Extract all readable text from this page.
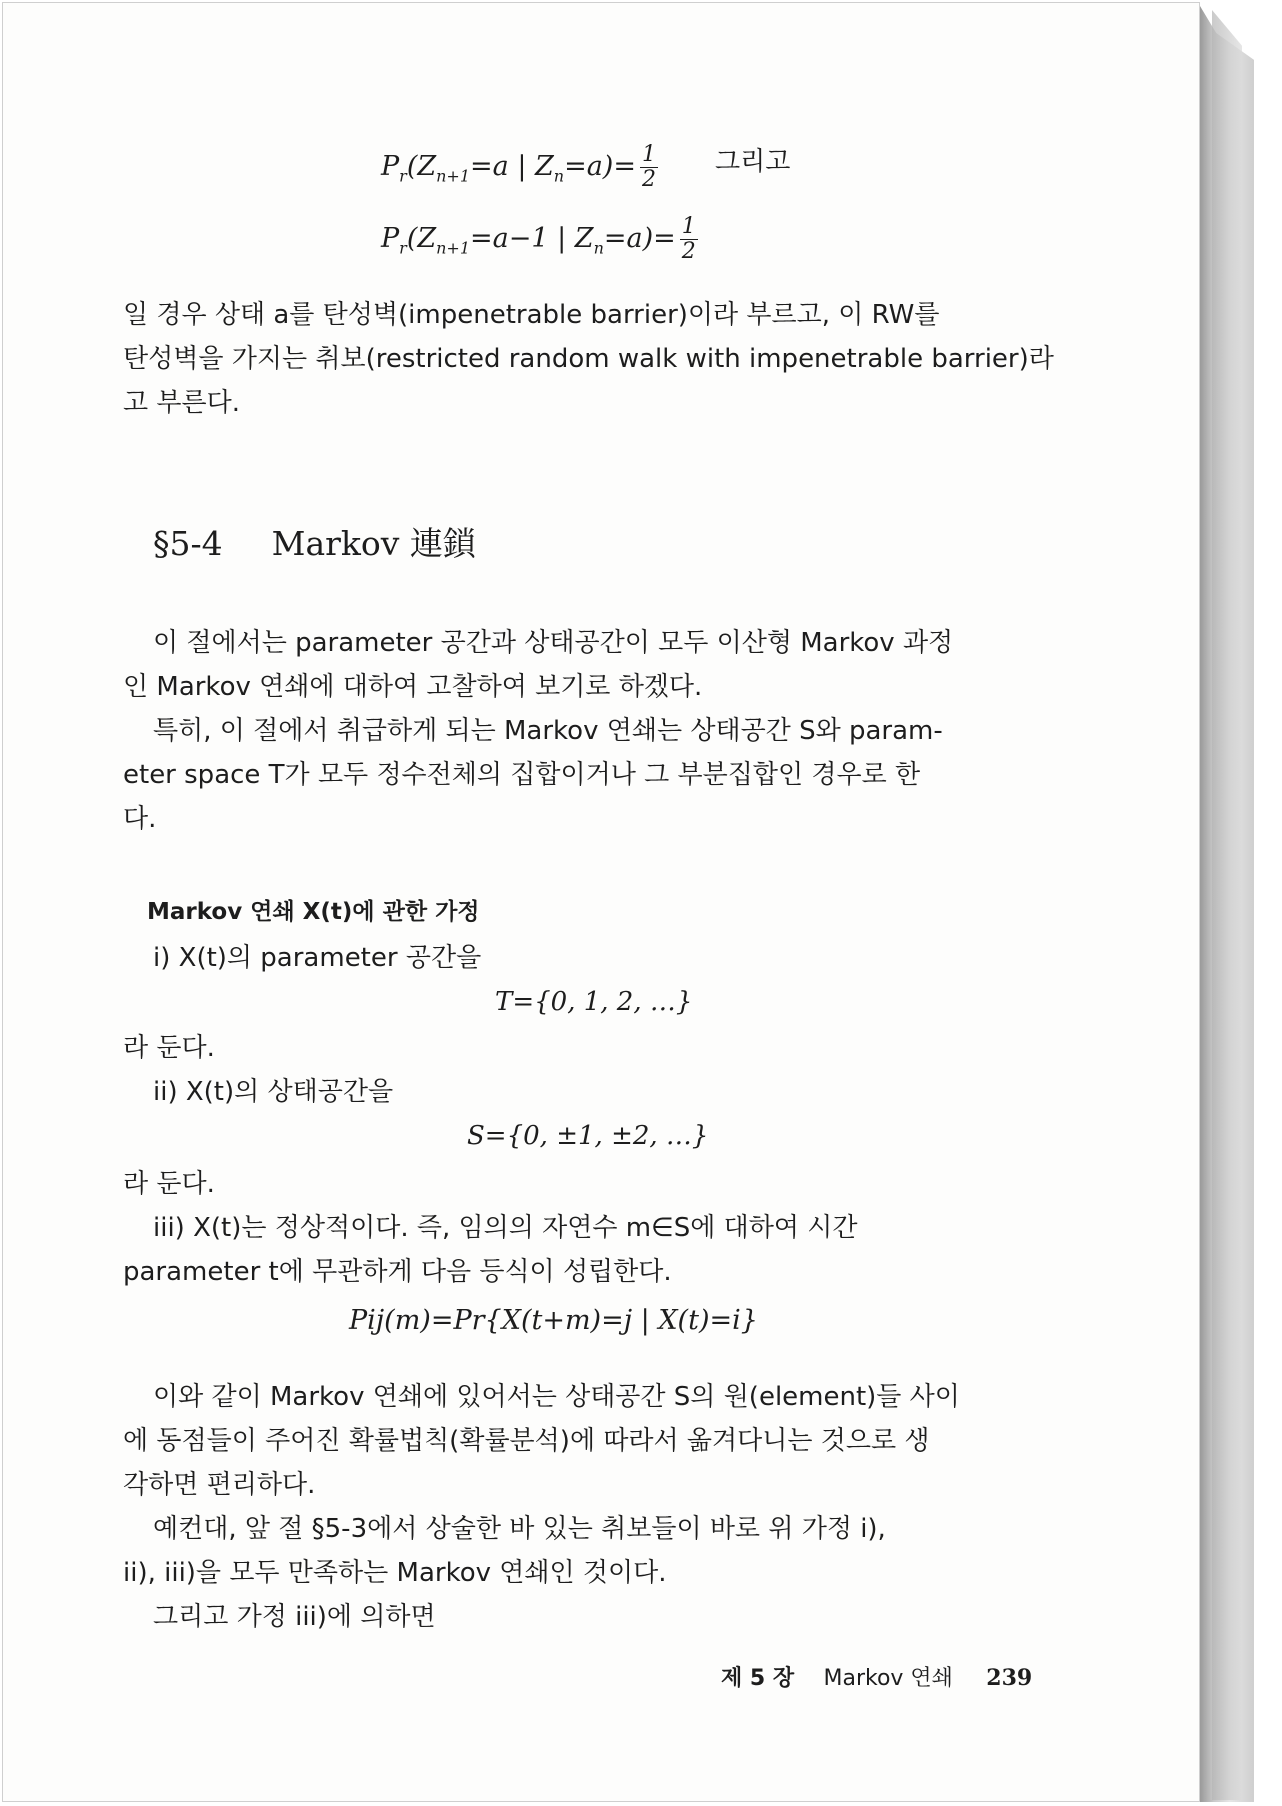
$P_r(Z_{n+1}=a$ | $Z_n=a)= \frac{1}{2}$ 그리고
$P_r(Z_{n+1}=a-1$ | $Z_n=a)= \frac{1}{2}$
일 경우 상태 a를 탄성벽(impenetrable barrier)이라 부르고, 이 RW를
탄성벽을 가지는 취보(restricted random walk with impenetrable barrier)라
고 부른다.
§5-4 Markov 連鎖
이 절에서는 parameter 공간과 상태공간이 모두 이산형 Markov 과정
인 Markov 연쇄에 대하여 고찰하여 보기로 하겠다.
특히, 이 절에서 취급하게 되는 Markov 연쇄는 상태공간 S와 param-
eter space T가 모두 정수전체의 집합이거나 그 부분집합인 경우로 한
다.
Markov 연쇄 X(t)에 관한 가정
i) X(t)의 parameter 공간을
T={0, 1, 2, …}
라 둔다.
ii) X(t)의 상태공간을
S={0, ±1, ±2, …}
라 둔다.
iii) X(t)는 정상적이다. 즉, 임의의 자연수 m∈S에 대하여 시간
parameter t에 무관하게 다음 등식이 성립한다.
Pij(m)=Pr{X(t+m)=j | X(t)=i}
이와 같이 Markov 연쇄에 있어서는 상태공간 S의 원(element)들 사이
에 동점들이 주어진 확률법칙(확률분석)에 따라서 옮겨다니는 것으로 생
각하면 편리하다.
예컨대, 앞 절 §5-3에서 상술한 바 있는 취보들이 바로 위 가정 i),
ii), iii)을 모두 만족하는 Markov 연쇄인 것이다.
그리고 가정 iii)에 의하면
제 5 장 Markov 연쇄 239
